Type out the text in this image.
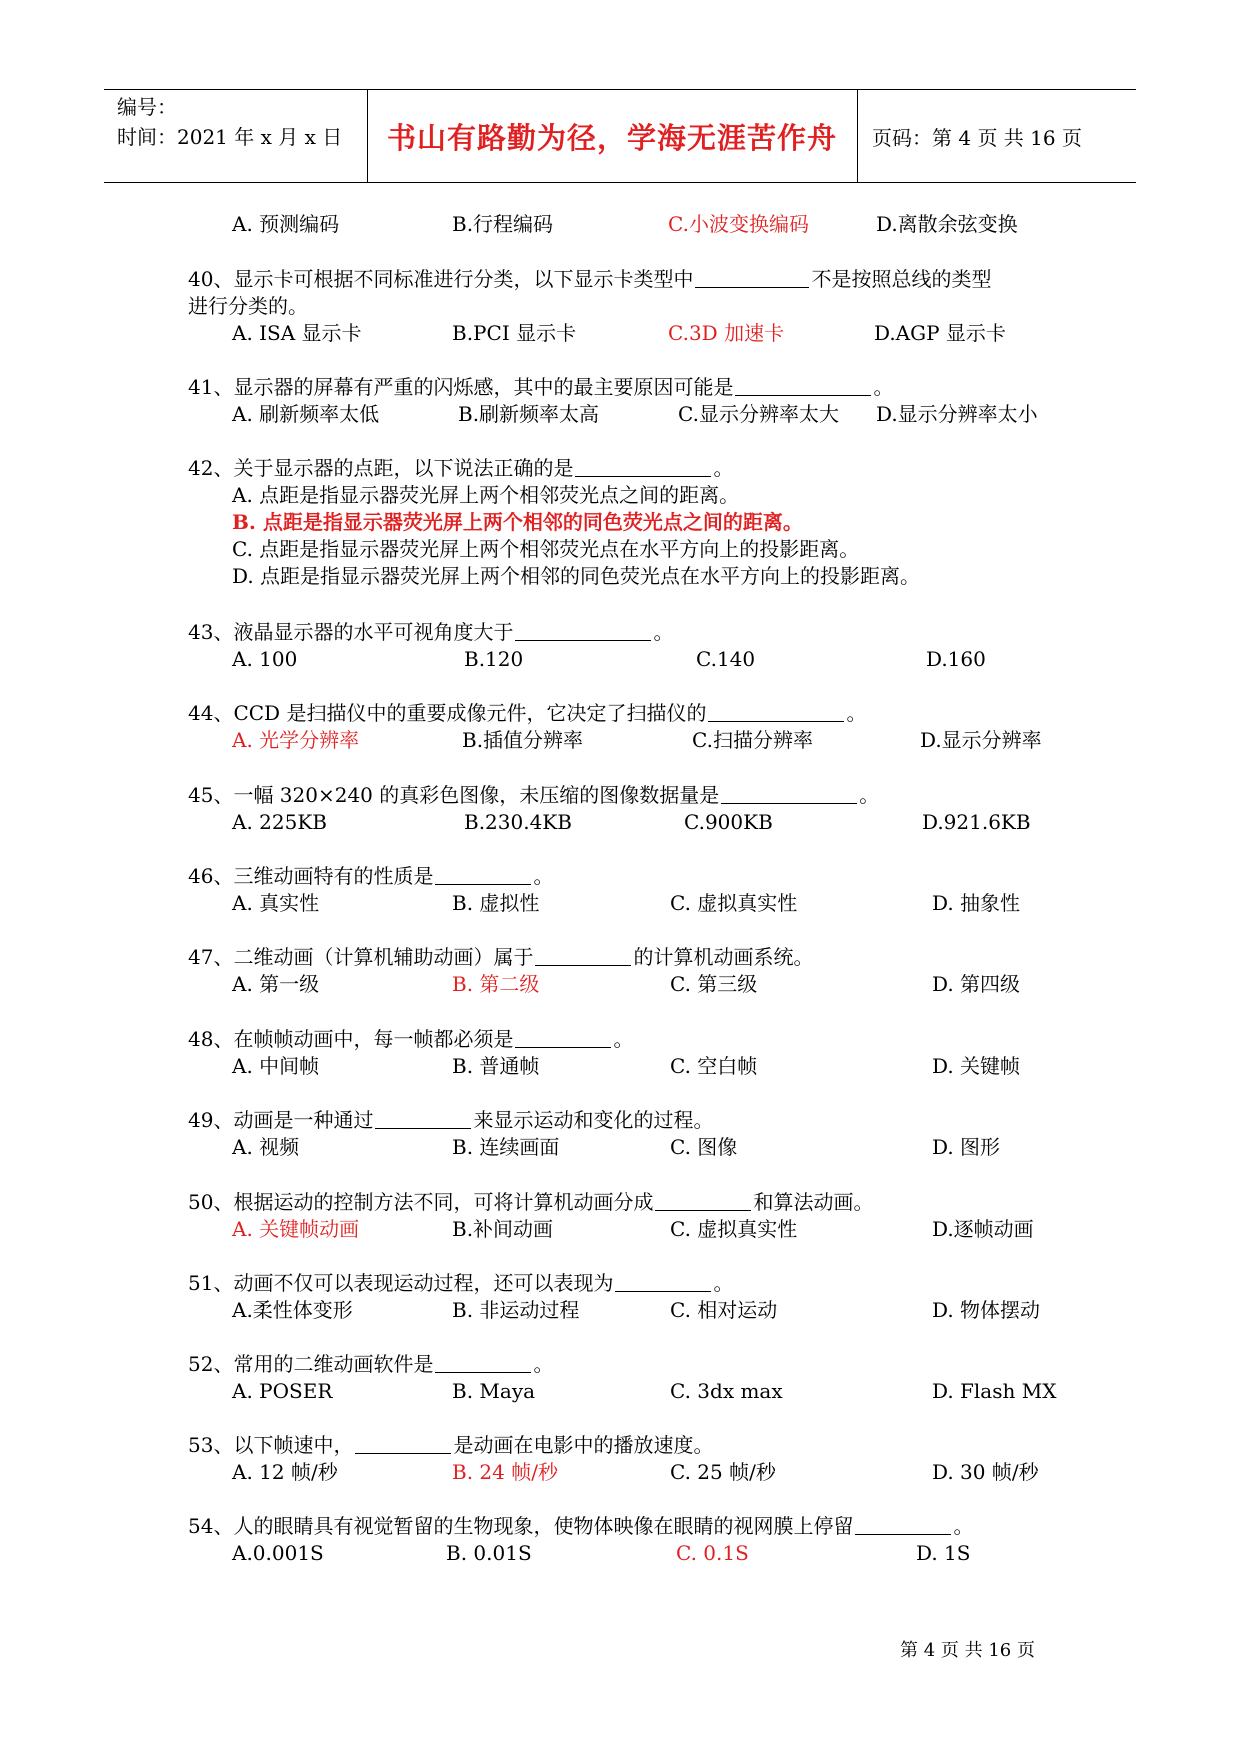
编号：
时间：2021 年 x 月 x 日	书山有路勤为径，学海无涯苦作舟	页码：第 4 页 共 16 页
A. 预测编码	B.行程编码	C.小波变换编码	D.离散余弦变换
40、显示卡可根据不同标准进行分类，以下显示卡类型中	不是按照总线的类型
进行分类的。
A. ISA 显示卡	B.PCI 显示卡	C.3D 加速卡	D.AGP 显示卡
41、显示器的屏幕有严重的闪烁感，其中的最主要原因可能是	。
A. 刷新频率太低	B.刷新频率太高	C.显示分辨率太大 D.显示分辨率太小
42、关于显示器的点距，以下说法正确的是	。
A. 点距是指显示器荧光屏上两个相邻荧光点之间的距离。
B. 点距是指显示器荧光屏上两个相邻的同色荧光点之间的距离。
C. 点距是指显示器荧光屏上两个相邻荧光点在水平方向上的投影距离。
D. 点距是指显示器荧光屏上两个相邻的同色荧光点在水平方向上的投影距离。
43、液晶显示器的水平可视角度大于	。
A. 100	B.120	C.140	D.160
44、CCD 是扫描仪中的重要成像元件，它决定了扫描仪的	。
A. 光学分辨率	B.插值分辨率	C.扫描分辨率	D.显示分辨率
45、一幅 320×240 的真彩色图像，未压缩的图像数据量是	。
A. 225KB	B.230.4KB	C.900KB	D.921.6KB
46、三维动画特有的性质是	。
A. 真实性	B. 虚拟性	C. 虚拟真实性	D. 抽象性
47、二维动画（计算机辅助动画）属于	的计算机动画系统。
A. 第一级	B. 第二级	C. 第三级	D. 第四级
48、在帧帧动画中，每一帧都必须是	。
A. 中间帧	B. 普通帧	C. 空白帧	D. 关键帧
49、动画是一种通过	来显示运动和变化的过程。
A. 视频	B. 连续画面	C. 图像	D. 图形
50、根据运动的控制方法不同，可将计算机动画分成	和算法动画。
A. 关键帧动画	B.补间动画	C. 虚拟真实性	D.逐帧动画
51、动画不仅可以表现运动过程，还可以表现为	。
A.柔性体变形	B. 非运动过程	C. 相对运动	D. 物体摆动
52、常用的二维动画软件是	。
A. POSER	B. Maya	C. 3dx max	D. Flash MX
53、以下帧速中，	是动画在电影中的播放速度。
A. 12 帧/秒	B. 24 帧/秒	C. 25 帧/秒	D. 30 帧/秒
54、人的眼睛具有视觉暂留的生物现象，使物体映像在眼睛的视网膜上停留	。
A.0.001S	B. 0.01S	C. 0.1S	D. 1S
第 4 页 共 16 页
